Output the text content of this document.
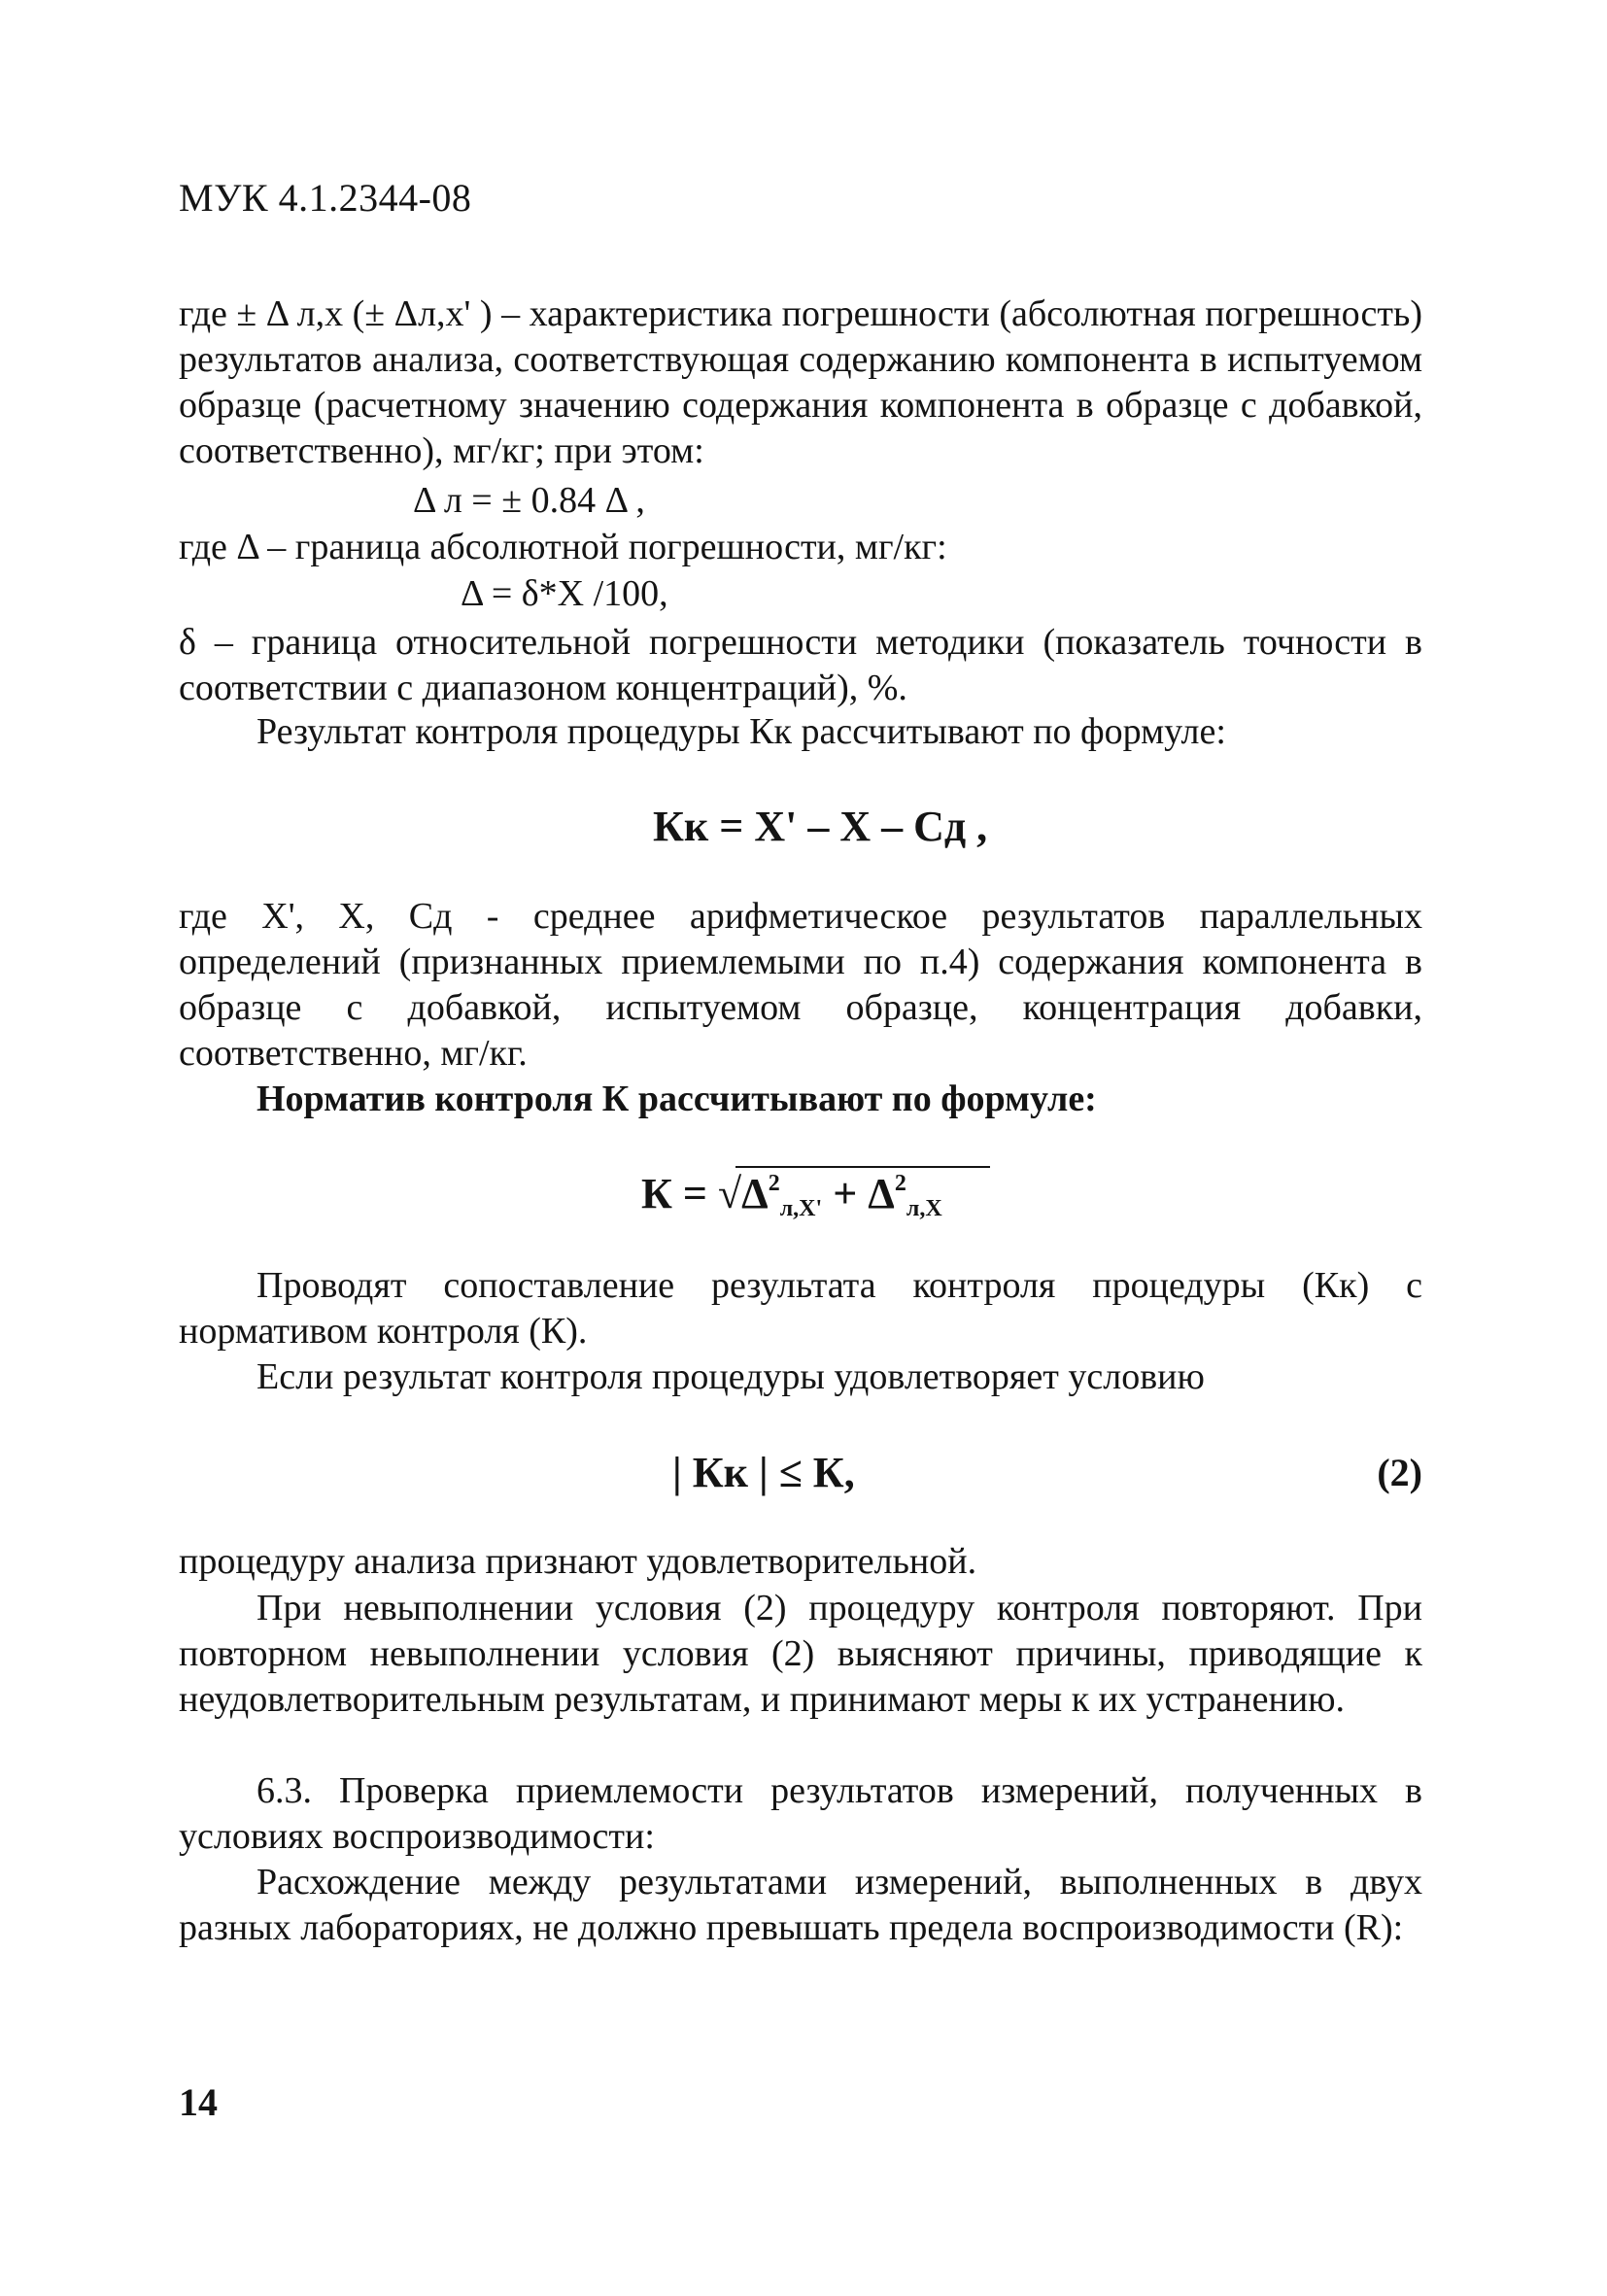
МУК 4.1.2344-08

где ± Δ л,х (± Δл,х' ) – характеристика погрешности (абсолютная погрешность) результатов анализа, соответствующая содержанию компонента в испытуемом образце (расчетному значению содержания компонента в образце с добавкой, соответственно), мг/кг; при этом:

Δ л = ± 0.84 Δ ,
где Δ – граница абсолютной погрешности, мг/кг:
Δ = δ*Х /100,

δ – граница относительной погрешности методики (показатель точности в соответствии с диапазоном концентраций), %.

Результат контроля процедуры Кк рассчитывают по формуле:

Кк = Х' – Х – Сд ,

где Х', Х, Сд - среднее арифметическое результатов параллельных определений (признанных приемлемыми по п.4) содержания компонента в образце с добавкой, испытуемом образце, концентрация добавки, соответственно, мг/кг.

Норматив контроля К рассчитывают по формуле:

$К = √\Delta^2_{л,Х'} + \Delta^2_{л,Х}$

Проводят сопоставление результата контроля процедуры (Кк) с нормативом контроля (К).

Если результат контроля процедуры удовлетворяет условию

| Кк | ≤ К,	(2)

процедуру анализа признают удовлетворительной.

При невыполнении условия (2) процедуру контроля повторяют. При повторном невыполнении условия (2) выясняют причины, приводящие к неудовлетворительным результатам, и принимают меры к их устранению.

6.3. Проверка приемлемости результатов измерений, полученных в условиях воспроизводимости:

Расхождение между результатами измерений, выполненных в двух разных лабораториях, не должно превышать предела воспроизводимости (R):

14
